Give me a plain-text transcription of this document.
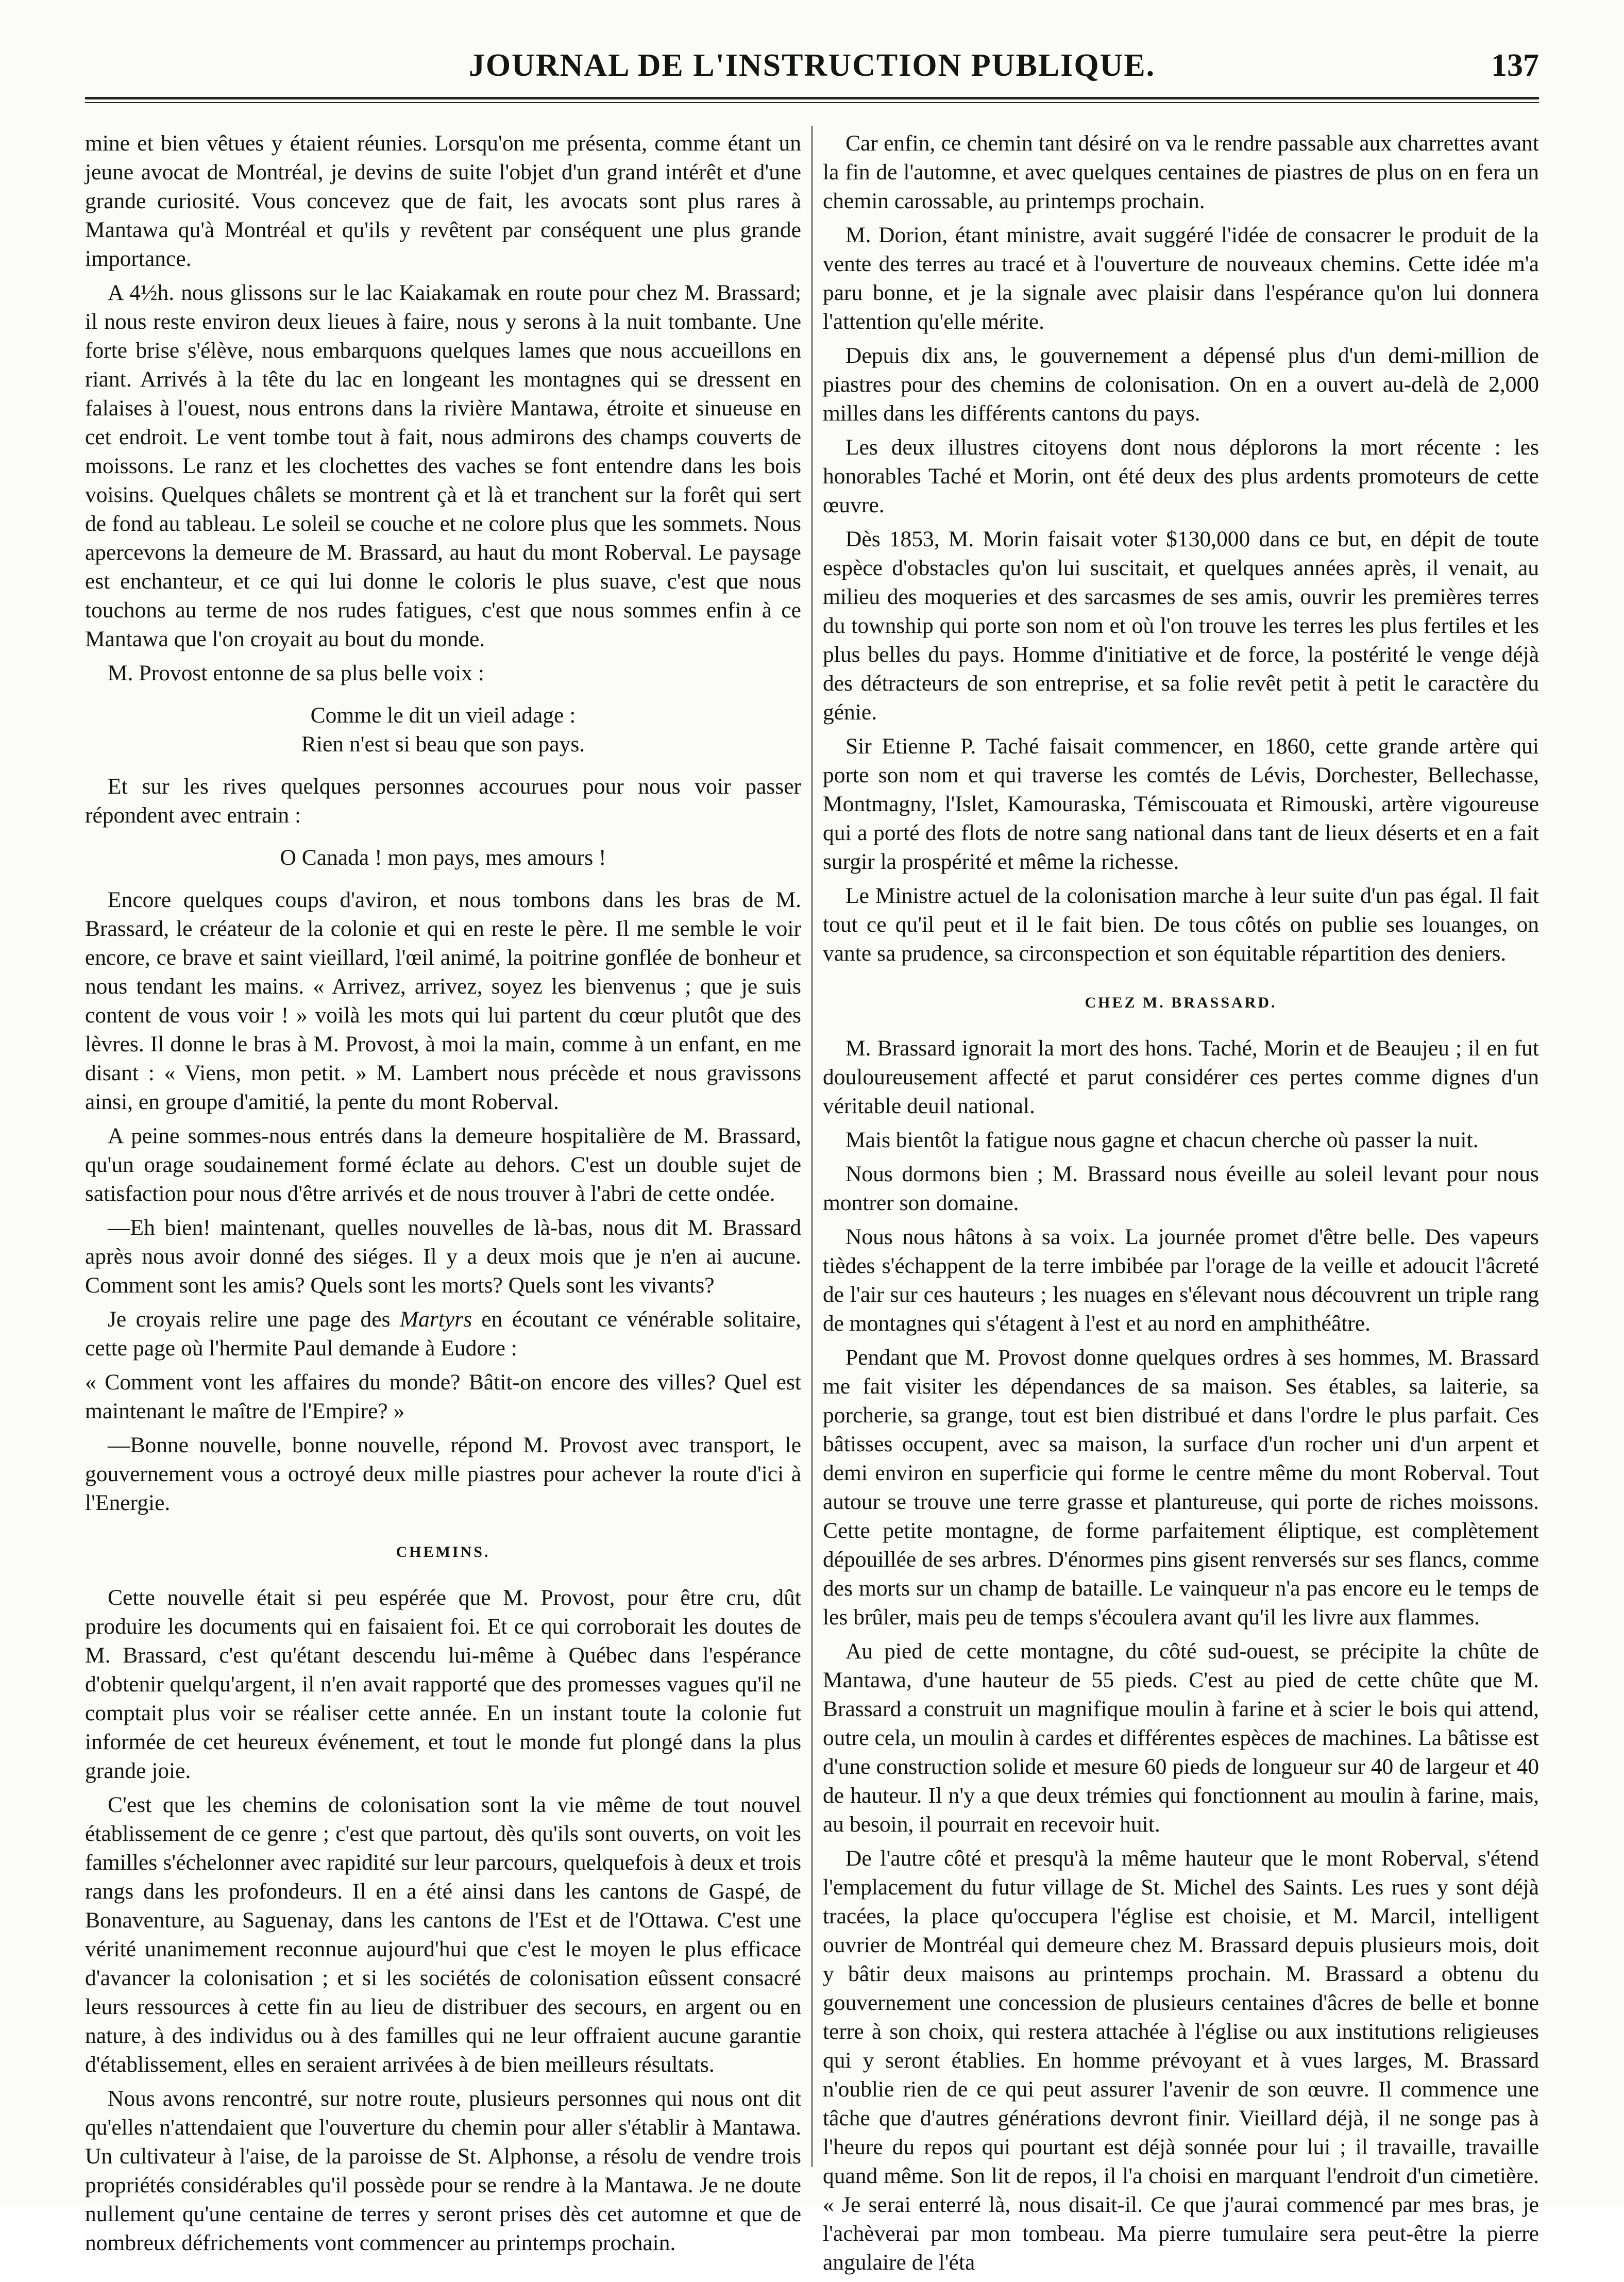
JOURNAL DE L'INSTRUCTION PUBLIQUE.	137

mine et bien vêtues y étaient réunies. Lorsqu'on me présenta, comme étant un jeune avocat de Montréal, je devins de suite l'objet d'un grand intérêt et d'une grande curiosité. Vous concevez que de fait, les avocats sont plus rares à Mantawa qu'à Montréal et qu'ils y revêtent par conséquent une plus grande importance.

A 4½h. nous glissons sur le lac Kaiakamak en route pour chez M. Brassard; il nous reste environ deux lieues à faire, nous y serons à la nuit tombante. Une forte brise s'élève, nous embarquons quelques lames que nous accueillons en riant. Arrivés à la tête du lac en longeant les montagnes qui se dressent en falaises à l'ouest, nous entrons dans la rivière Mantawa, étroite et sinueuse en cet endroit. Le vent tombe tout à fait, nous admirons des champs couverts de moissons. Le ranz et les clochettes des vaches se font entendre dans les bois voisins. Quelques châlets se montrent çà et là et tranchent sur la forêt qui sert de fond au tableau. Le soleil se couche et ne colore plus que les sommets. Nous apercevons la demeure de M. Brassard, au haut du mont Roberval. Le paysage est enchanteur, et ce qui lui donne le coloris le plus suave, c'est que nous touchons au terme de nos rudes fatigues, c'est que nous sommes enfin à ce Mantawa que l'on croyait au bout du monde.

M. Provost entonne de sa plus belle voix :

Comme le dit un vieil adage :
Rien n'est si beau que son pays.

Et sur les rives quelques personnes accourues pour nous voir passer répondent avec entrain :

O Canada ! mon pays, mes amours !

Encore quelques coups d'aviron, et nous tombons dans les bras de M. Brassard, le créateur de la colonie et qui en reste le père. Il me semble le voir encore, ce brave et saint vieillard, l'œil animé, la poitrine gonflée de bonheur et nous tendant les mains. « Arrivez, arrivez, soyez les bienvenus ; que je suis content de vous voir ! » voilà les mots qui lui partent du cœur plutôt que des lèvres. Il donne le bras à M. Provost, à moi la main, comme à un enfant, en me disant : « Viens, mon petit. » M. Lambert nous précède et nous gravissons ainsi, en groupe d'amitié, la pente du mont Roberval.

A peine sommes-nous entrés dans la demeure hospitalière de M. Brassard, qu'un orage soudainement formé éclate au dehors. C'est un double sujet de satisfaction pour nous d'être arrivés et de nous trouver à l'abri de cette ondée.

—Eh bien! maintenant, quelles nouvelles de là-bas, nous dit M. Brassard après nous avoir donné des siéges. Il y a deux mois que je n'en ai aucune. Comment sont les amis? Quels sont les morts? Quels sont les vivants?

Je croyais relire une page des Martyrs en écoutant ce vénérable solitaire, cette page où l'hermite Paul demande à Eudore :

« Comment vont les affaires du monde? Bâtit-on encore des villes? Quel est maintenant le maître de l'Empire? »

—Bonne nouvelle, bonne nouvelle, répond M. Provost avec transport, le gouvernement vous a octroyé deux mille piastres pour achever la route d'ici à l'Energie.

CHEMINS.

Cette nouvelle était si peu espérée que M. Provost, pour être cru, dût produire les documents qui en faisaient foi. Et ce qui corroborait les doutes de M. Brassard, c'est qu'étant descendu lui-même à Québec dans l'espérance d'obtenir quelqu'argent, il n'en avait rapporté que des promesses vagues qu'il ne comptait plus voir se réaliser cette année. En un instant toute la colonie fut informée de cet heureux événement, et tout le monde fut plongé dans la plus grande joie.

C'est que les chemins de colonisation sont la vie même de tout nouvel établissement de ce genre ; c'est que partout, dès qu'ils sont ouverts, on voit les familles s'échelonner avec rapidité sur leur parcours, quelquefois à deux et trois rangs dans les profondeurs. Il en a été ainsi dans les cantons de Gaspé, de Bonaventure, au Saguenay, dans les cantons de l'Est et de l'Ottawa. C'est une vérité unanimement reconnue aujourd'hui que c'est le moyen le plus efficace d'avancer la colonisation ; et si les sociétés de colonisation eûssent consacré leurs ressources à cette fin au lieu de distribuer des secours, en argent ou en nature, à des individus ou à des familles qui ne leur offraient aucune garantie d'établissement, elles en seraient arrivées à de bien meilleurs résultats.

Nous avons rencontré, sur notre route, plusieurs personnes qui nous ont dit qu'elles n'attendaient que l'ouverture du chemin pour aller s'établir à Mantawa. Un cultivateur à l'aise, de la paroisse de St. Alphonse, a résolu de vendre trois propriétés considérables qu'il possède pour se rendre à la Mantawa. Je ne doute nullement qu'une centaine de terres y seront prises dès cet automne et que de nombreux défrichements vont commencer au printemps prochain.

Car enfin, ce chemin tant désiré on va le rendre passable aux charrettes avant la fin de l'automne, et avec quelques centaines de piastres de plus on en fera un chemin carossable, au printemps prochain.

M. Dorion, étant ministre, avait suggéré l'idée de consacrer le produit de la vente des terres au tracé et à l'ouverture de nouveaux chemins. Cette idée m'a paru bonne, et je la signale avec plaisir dans l'espérance qu'on lui donnera l'attention qu'elle mérite.

Depuis dix ans, le gouvernement a dépensé plus d'un demi-million de piastres pour des chemins de colonisation. On en a ouvert au-delà de 2,000 milles dans les différents cantons du pays.

Les deux illustres citoyens dont nous déplorons la mort récente : les honorables Taché et Morin, ont été deux des plus ardents promoteurs de cette œuvre.

Dès 1853, M. Morin faisait voter $130,000 dans ce but, en dépit de toute espèce d'obstacles qu'on lui suscitait, et quelques années après, il venait, au milieu des moqueries et des sarcasmes de ses amis, ouvrir les premières terres du township qui porte son nom et où l'on trouve les terres les plus fertiles et les plus belles du pays. Homme d'initiative et de force, la postérité le venge déjà des détracteurs de son entreprise, et sa folie revêt petit à petit le caractère du génie.

Sir Etienne P. Taché faisait commencer, en 1860, cette grande artère qui porte son nom et qui traverse les comtés de Lévis, Dorchester, Bellechasse, Montmagny, l'Islet, Kamouraska, Témiscouata et Rimouski, artère vigoureuse qui a porté des flots de notre sang national dans tant de lieux déserts et en a fait surgir la prospérité et même la richesse.

Le Ministre actuel de la colonisation marche à leur suite d'un pas égal. Il fait tout ce qu'il peut et il le fait bien. De tous côtés on publie ses louanges, on vante sa prudence, sa circonspection et son équitable répartition des deniers.

CHEZ M. BRASSARD.

M. Brassard ignorait la mort des hons. Taché, Morin et de Beaujeu ; il en fut douloureusement affecté et parut considérer ces pertes comme dignes d'un véritable deuil national.

Mais bientôt la fatigue nous gagne et chacun cherche où passer la nuit.

Nous dormons bien ; M. Brassard nous éveille au soleil levant pour nous montrer son domaine.

Nous nous hâtons à sa voix. La journée promet d'être belle. Des vapeurs tièdes s'échappent de la terre imbibée par l'orage de la veille et adoucit l'âcreté de l'air sur ces hauteurs ; les nuages en s'élevant nous découvrent un triple rang de montagnes qui s'étagent à l'est et au nord en amphithéâtre.

Pendant que M. Provost donne quelques ordres à ses hommes, M. Brassard me fait visiter les dépendances de sa maison. Ses étables, sa laiterie, sa porcherie, sa grange, tout est bien distribué et dans l'ordre le plus parfait. Ces bâtisses occupent, avec sa maison, la surface d'un rocher uni d'un arpent et demi environ en superficie qui forme le centre même du mont Roberval. Tout autour se trouve une terre grasse et plantureuse, qui porte de riches moissons. Cette petite montagne, de forme parfaitement éliptique, est complètement dépouillée de ses arbres. D'énormes pins gisent renversés sur ses flancs, comme des morts sur un champ de bataille. Le vainqueur n'a pas encore eu le temps de les brûler, mais peu de temps s'écoulera avant qu'il les livre aux flammes.

Au pied de cette montagne, du côté sud-ouest, se précipite la chûte de Mantawa, d'une hauteur de 55 pieds. C'est au pied de cette chûte que M. Brassard a construit un magnifique moulin à farine et à scier le bois qui attend, outre cela, un moulin à cardes et différentes espèces de machines. La bâtisse est d'une construction solide et mesure 60 pieds de longueur sur 40 de largeur et 40 de hauteur. Il n'y a que deux trémies qui fonctionnent au moulin à farine, mais, au besoin, il pourrait en recevoir huit.

De l'autre côté et presqu'à la même hauteur que le mont Roberval, s'étend l'emplacement du futur village de St. Michel des Saints. Les rues y sont déjà tracées, la place qu'occupera l'église est choisie, et M. Marcil, intelligent ouvrier de Montréal qui demeure chez M. Brassard depuis plusieurs mois, doit y bâtir deux maisons au printemps prochain. M. Brassard a obtenu du gouvernement une concession de plusieurs centaines d'âcres de belle et bonne terre à son choix, qui restera attachée à l'église ou aux institutions religieuses qui y seront établies. En homme prévoyant et à vues larges, M. Brassard n'oublie rien de ce qui peut assurer l'avenir de son œuvre. Il commence une tâche que d'autres générations devront finir. Vieillard déjà, il ne songe pas à l'heure du repos qui pourtant est déjà sonnée pour lui ; il travaille, travaille quand même. Son lit de repos, il l'a choisi en marquant l'endroit d'un cimetière. « Je serai enterré là, nous disait-il. Ce que j'aurai commencé par mes bras, je l'achèverai par mon tombeau. Ma pierre tumulaire sera peut-être la pierre angulaire de l'éta
